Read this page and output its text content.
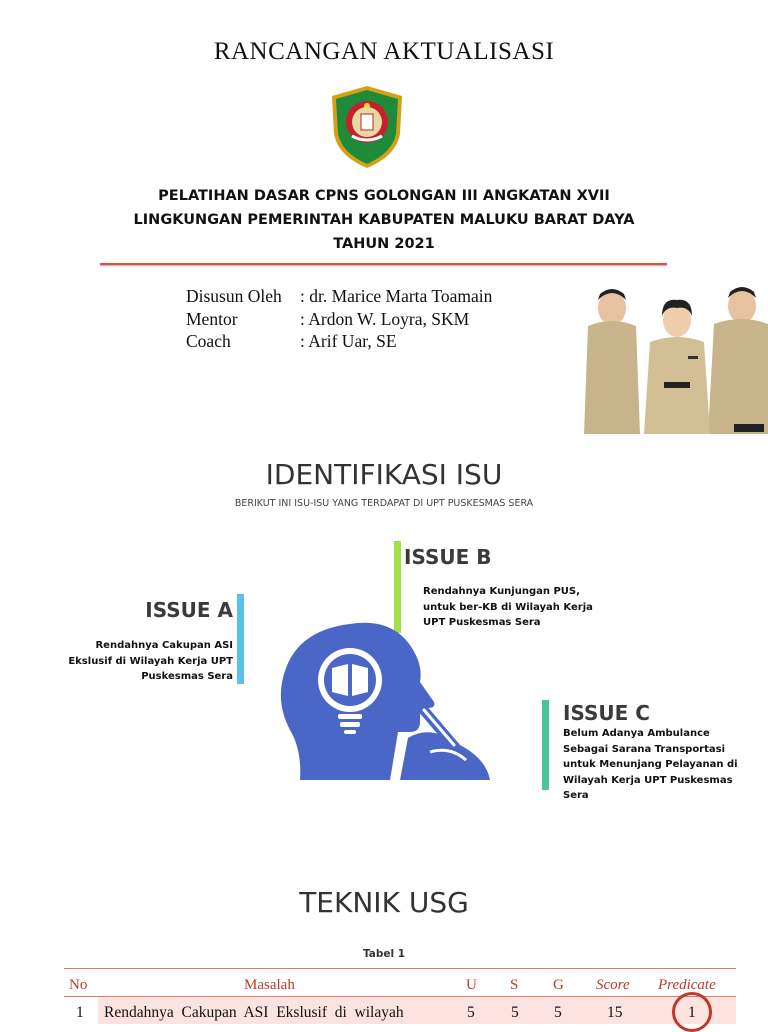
RANCANGAN AKTUALISASI
PELATIHAN DASAR CPNS GOLONGAN III ANGKATAN XVII
LINGKUNGAN PEMERINTAH KABUPATEN MALUKU BARAT DAYA
TAHUN 2021
Disusun Oleh : dr. Marice Marta Toamain
Mentor	: Ardon W. Loyra, SKM
Coach	: Arif Uar, SE
IDENTIFIKASI ISU
BERIKUT INI ISU-ISU YANG TERDAPAT DI UPT PUSKESMAS SERA
ISSUE B
Rendahnya Kunjungan PUS,
untuk ber-KB di Wilayah Kerja
UPT Puskesmas Sera
ISSUE A
Rendahnya Cakupan ASI
Ekslusif di Wilayah Kerja UPT
Puskesmas Sera
ISSUE C
Belum Adanya Ambulance
Sebagai Sarana Transportasi
untuk Menunjang Pelayanan di
Wilayah Kerja UPT Puskesmas
Sera
TEKNIK USG
Tabel 1
No	Masalah	U S G Score Predicate
1 Rendahnya  Cakupan  ASI  Ekslusif  di  wilayah	5 5 5	15	1
